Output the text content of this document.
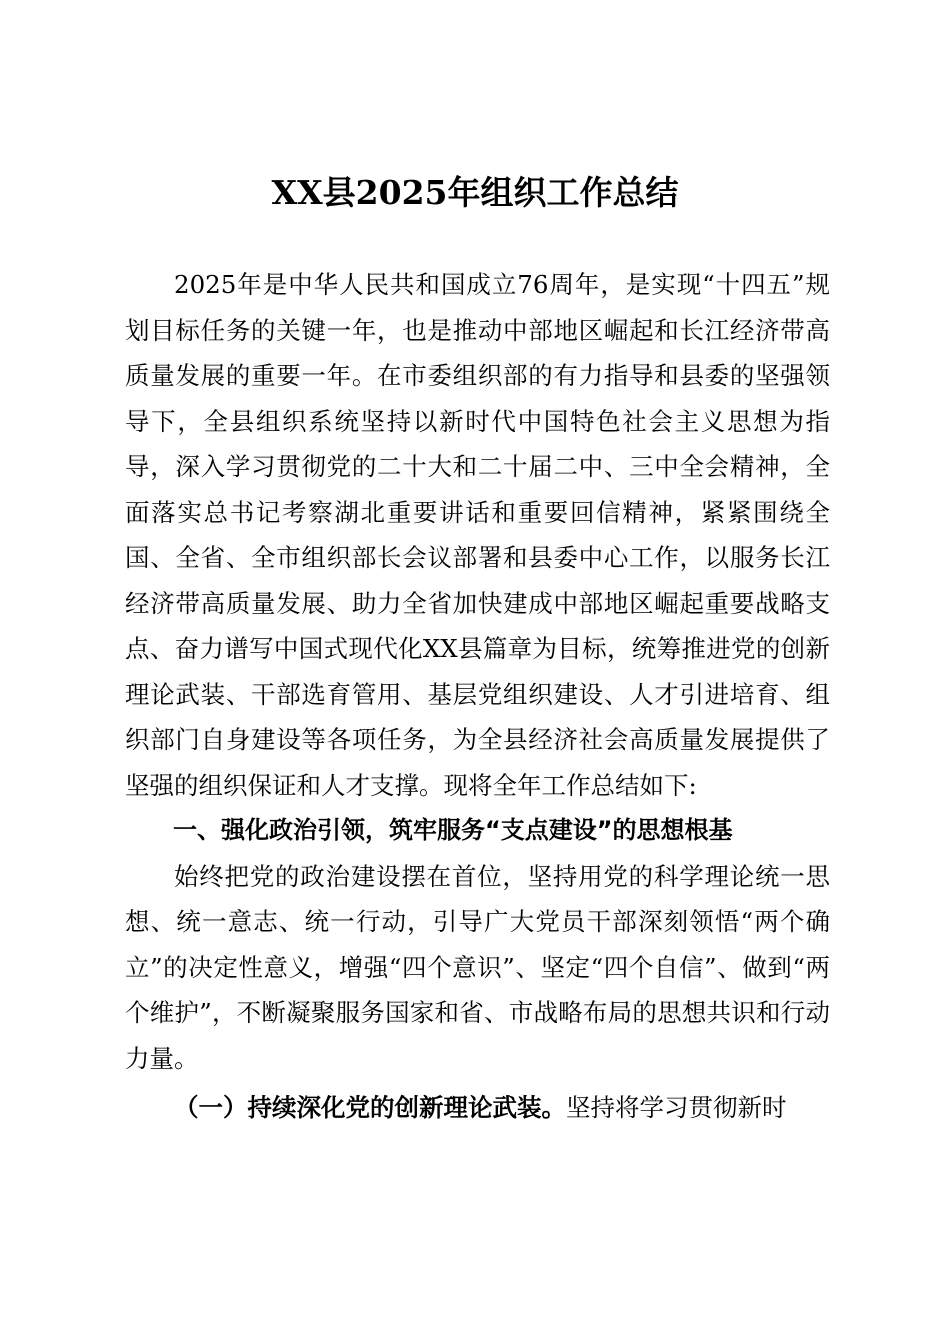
XX县2025年组织工作总结

2025年是中华人民共和国成立76周年，是实现“十四五”规划目标任务的关键一年，也是推动中部地区崛起和长江经济带高质量发展的重要一年。在市委组织部的有力指导和县委的坚强领导下，全县组织系统坚持以新时代中国特色社会主义思想为指导，深入学习贯彻党的二十大和二十届二中、三中全会精神，全面落实总书记考察湖北重要讲话和重要回信精神，紧紧围绕全国、全省、全市组织部长会议部署和县委中心工作，以服务长江经济带高质量发展、助力全省加快建成中部地区崛起重要战略支点、奋力谱写中国式现代化XX县篇章为目标，统筹推进党的创新理论武装、干部选育管用、基层党组织建设、人才引进培育、组织部门自身建设等各项任务，为全县经济社会高质量发展提供了坚强的组织保证和人才支撑。现将全年工作总结如下:

一、强化政治引领，筑牢服务“支点建设”的思想根基

始终把党的政治建设摆在首位，坚持用党的科学理论统一思想、统一意志、统一行动，引导广大党员干部深刻领悟“两个确立”的决定性意义，增强“四个意识”、坚定“四个自信”、做到“两个维护”，不断凝聚服务国家和省、市战略布局的思想共识和行动力量。

（一）持续深化党的创新理论武装。坚持将学习贯彻新时
